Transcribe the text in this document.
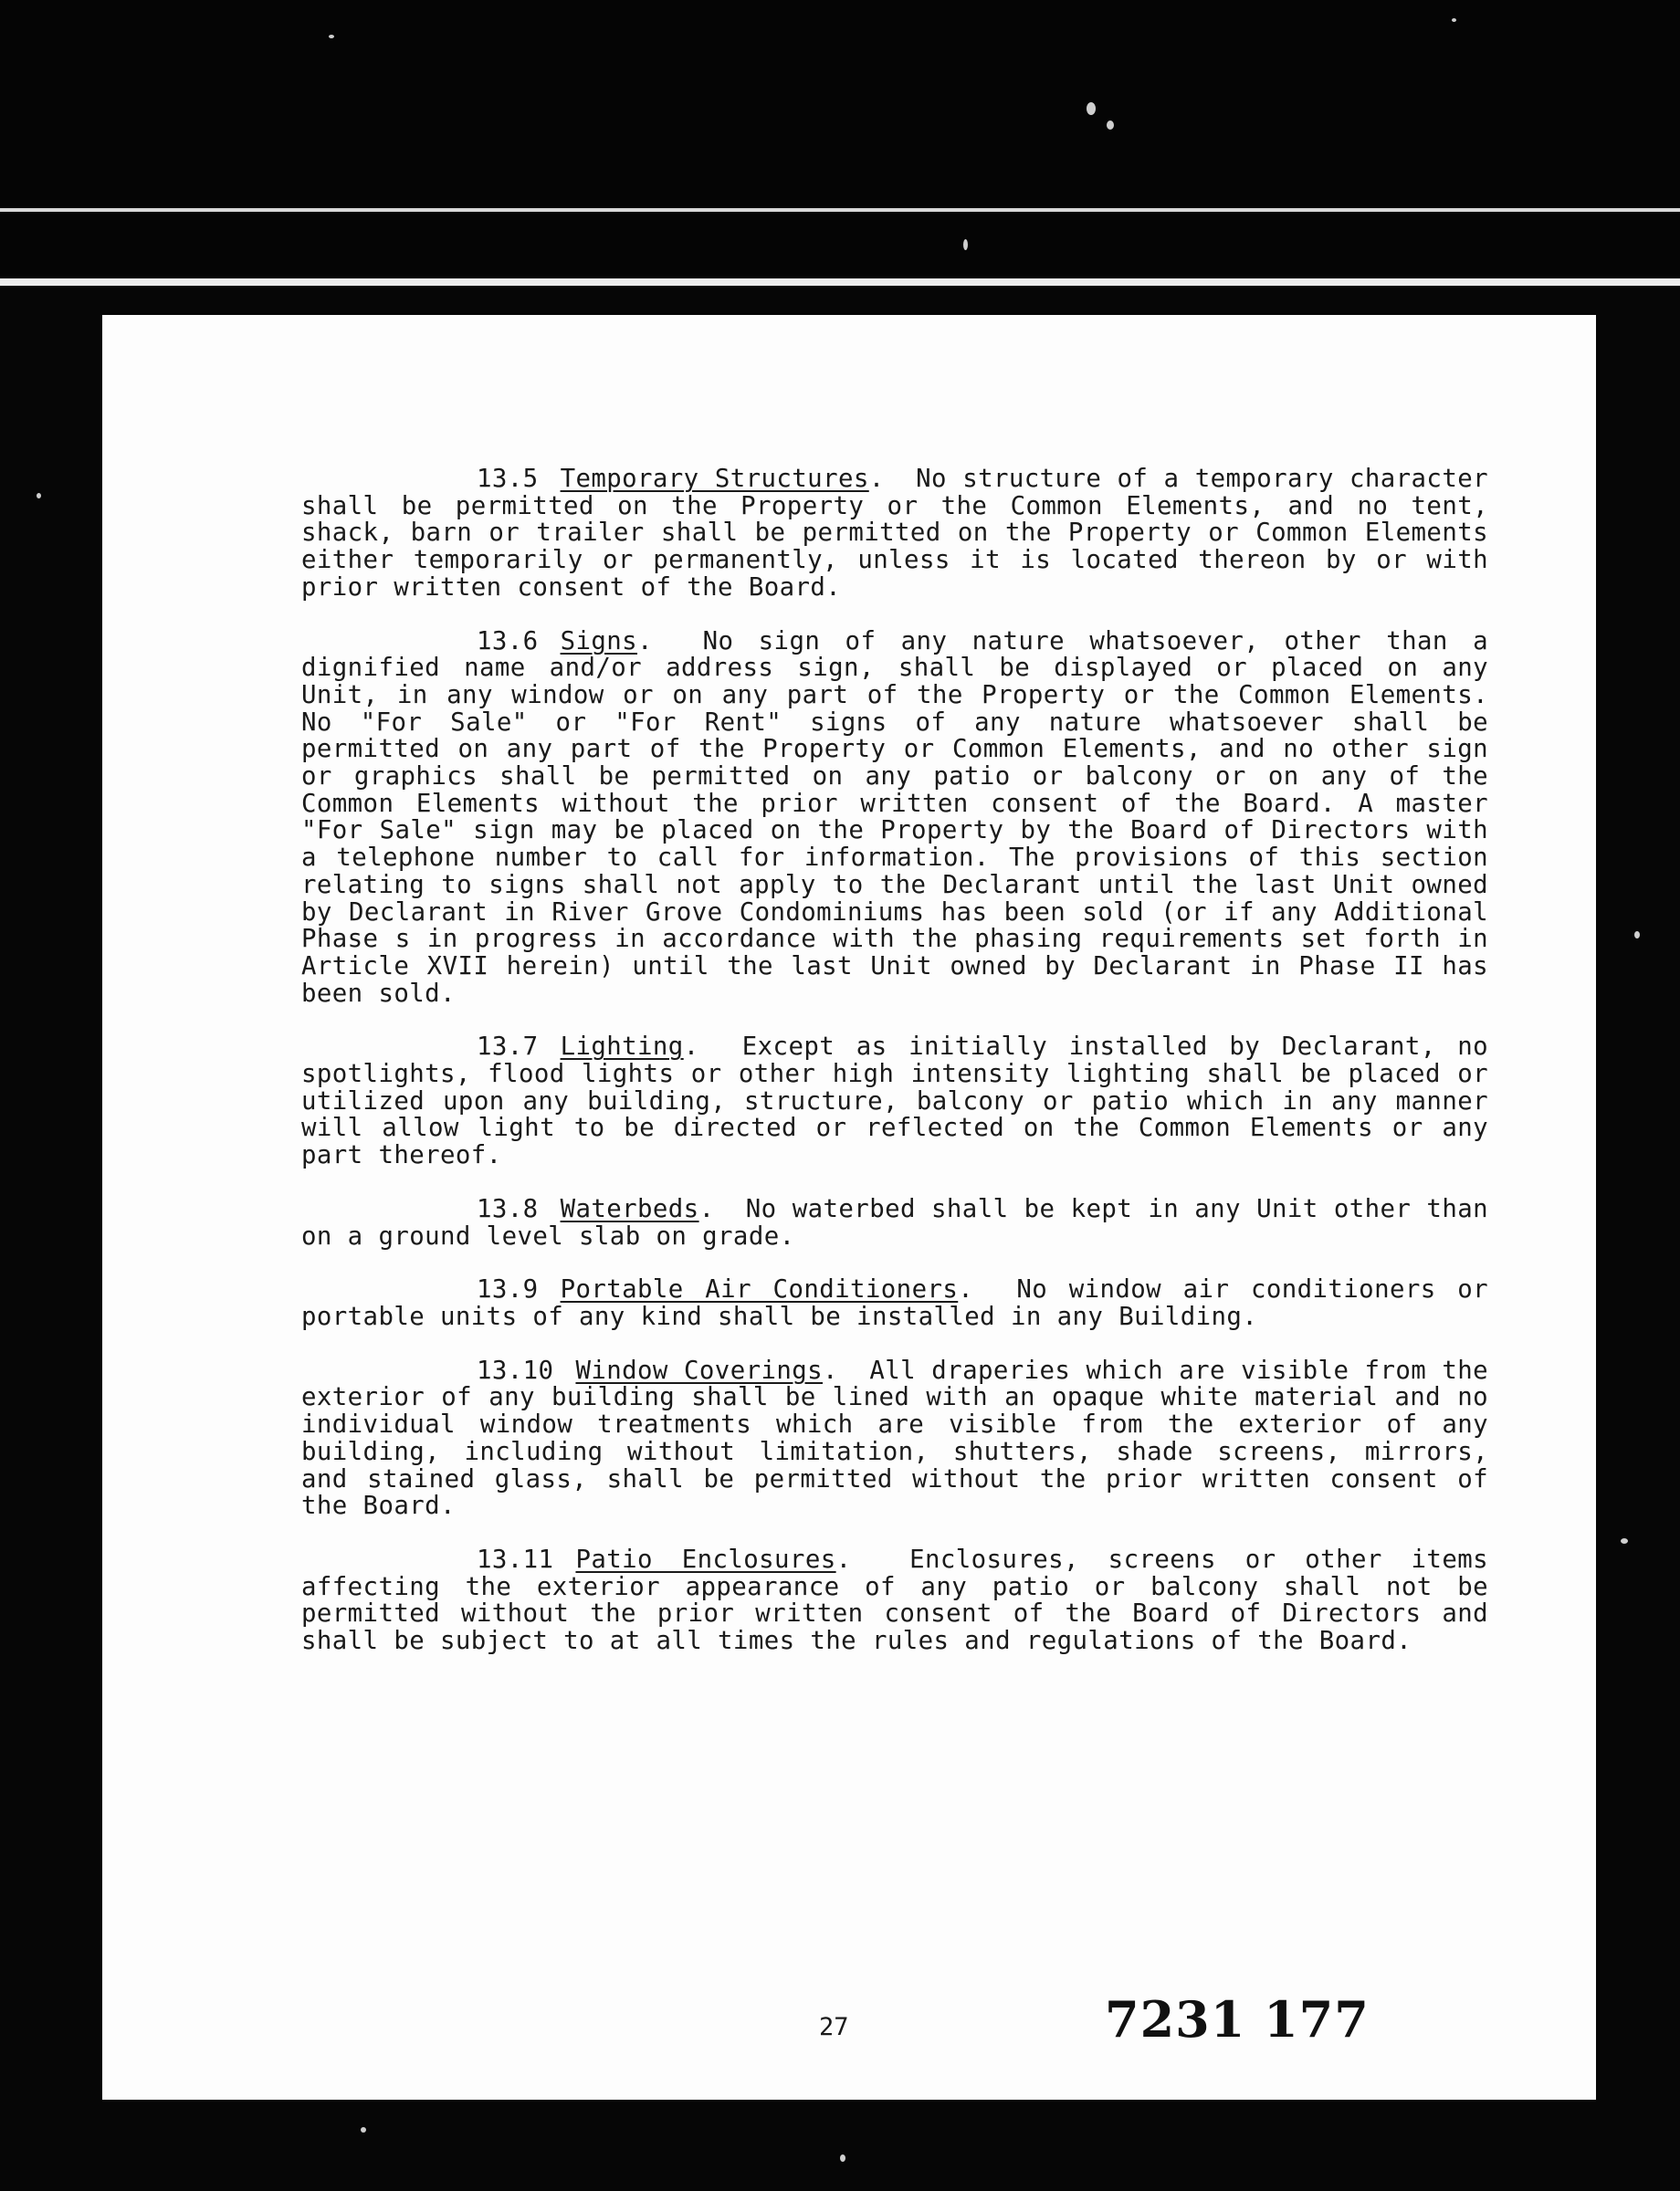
13.5 Temporary Structures.  No structure of a temporary character shall be permitted on the Property or the Common Elements, and no tent, shack, barn or trailer shall be permitted on the Property or Common Elements either temporarily or permanently, unless it is located thereon by or with prior written consent of the Board.

13.6 Signs.  No sign of any nature whatsoever, other than a dignified name and/or address sign, shall be displayed or placed on any Unit, in any window or on any part of the Property or the Common Elements. No "For Sale" or "For Rent" signs of any nature whatsoever shall be permitted on any part of the Property or Common Elements, and no other sign or graphics shall be permitted on any patio or balcony or on any of the Common Elements without the prior written consent of the Board. A master "For Sale" sign may be placed on the Property by the Board of Directors with a telephone number to call for information. The provisions of this section relating to signs shall not apply to the Declarant until the last Unit owned by Declarant in River Grove Condominiums has been sold (or if any Additional Phase s in progress in accordance with the phasing requirements set forth in Article XVII herein) until the last Unit owned by Declarant in Phase II has been sold.

13.7 Lighting.  Except as initially installed by Declarant, no spotlights, flood lights or other high intensity lighting shall be placed or utilized upon any building, structure, balcony or patio which in any manner will allow light to be directed or reflected on the Common Elements or any part thereof.

13.8 Waterbeds.  No waterbed shall be kept in any Unit other than on a ground level slab on grade.

13.9 Portable Air Conditioners.  No window air conditioners or portable units of any kind shall be installed in any Building.

13.10 Window Coverings.  All draperies which are visible from the exterior of any building shall be lined with an opaque white material and no individual window treatments which are visible from the exterior of any building, including without limitation, shutters, shade screens, mirrors, and stained glass, shall be permitted without the prior written consent of the Board.

13.11 Patio Enclosures.  Enclosures, screens or other items affecting the exterior appearance of any patio or balcony shall not be permitted without the prior written consent of the Board of Directors and shall be subject to at all times the rules and regulations of the Board.

27	7231 177
